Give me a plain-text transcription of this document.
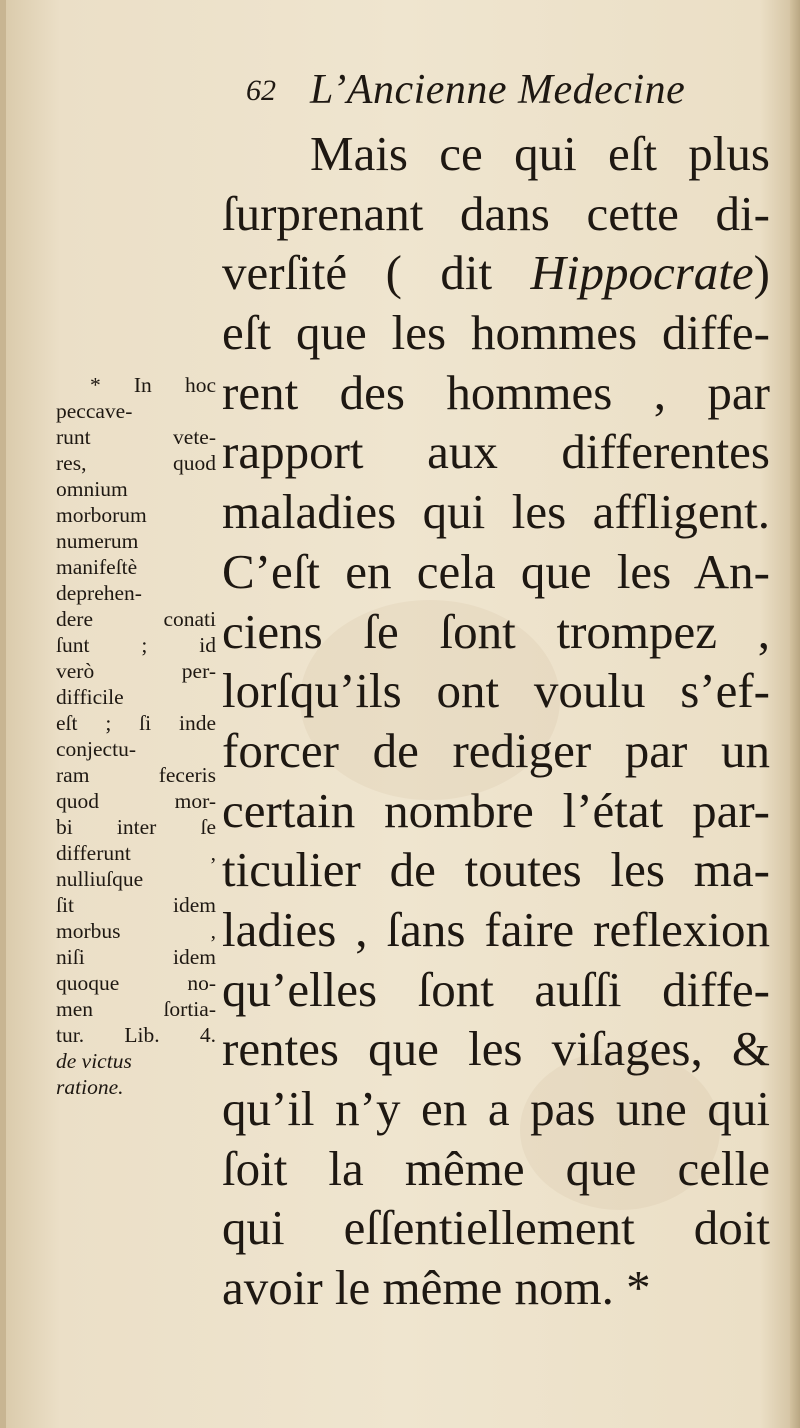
62 L’Ancienne Medecine
Mais ce qui eſt plus
ſurprenant dans cette di-
verſité ( dit Hippocrate)
eſt que les hommes diffe-
rent des hommes , par
rapport aux differentes
maladies qui les affligent.
C’eſt en cela que les An-
ciens ſe ſont trompez ,
lorſqu’ils ont voulu s’ef-
forcer de rediger par un
certain nombre l’état par-
ticulier de toutes les ma-
ladies , ſans faire reflexion
qu’elles ſont auſſi diffe-
rentes que les viſages, &
qu’il n’y en a pas une qui
ſoit la même que celle
qui eſſentiellement doit
avoir le même nom. *
* In hoc
peccave-
runt vete-
res, quod
omnium
morborum
numerum
manifeſtè
deprehen-
dere conati
ſunt ; id
verò per-
difficile
eſt ; ſi inde
conjectu-
ram feceris
quod mor-
bi inter ſe
differunt ,
nulliuſque
ſit idem
morbus ,
niſi idem
quoque no-
men ſortia-
tur. Lib. 4.
de victus
ratione.
